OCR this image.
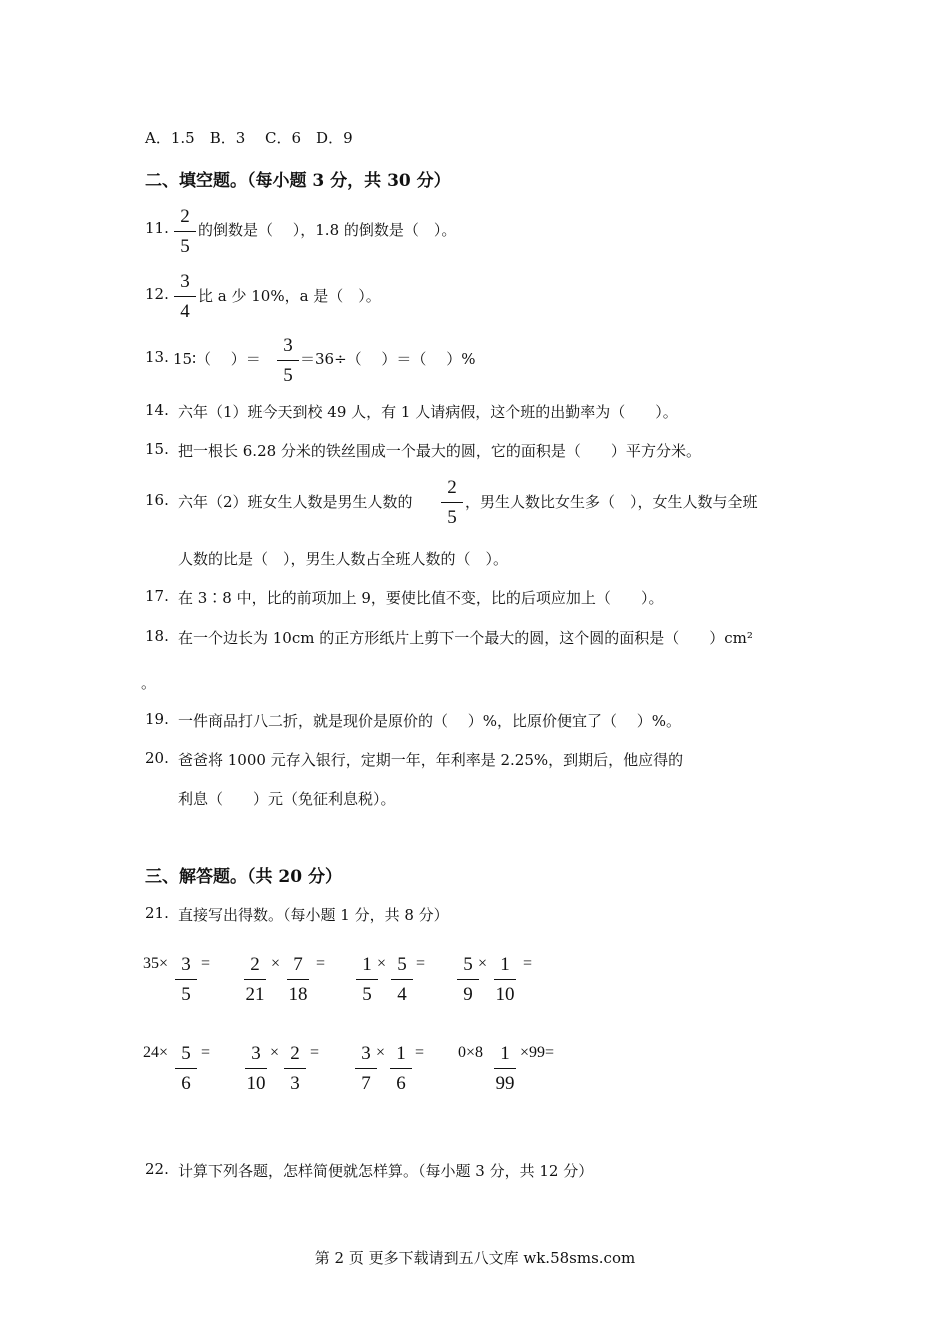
A．1.5　B．3　 C．6　D．9
二、填空题。（每小题 3 分，共 30 分）
11.
2
5
的倒数是（　 ），1.8 的倒数是（　）。
12.
3
4
比 a 少 10%，a 是（　）。
13. 15∶（　 ）＝
3
5
＝36÷（　 ）＝（　 ）%
14. 六年（1）班今天到校 49 人，有 1 人请病假，这个班的出勤率为（　　）。
15. 把一根长 6.28 分米的铁丝围成一个最大的圆，它的面积是（　　）平方分米。
16. 六年（2）班女生人数是男生人数的
2
5
，男生人数比女生多（　），女生人数与全班
人数的比是（　），男生人数占全班人数的（　）。
17. 在 3∶8 中，比的前项加上 9，要使比值不变，比的后项应加上（　　）。
18. 在一个边长为 10cm 的正方形纸片上剪下一个最大的圆，这个圆的面积是（　　）cm²
。
19. 一件商品打八二折，就是现价是原价的（　 ）%，比原价便宜了（　 ）%。
20. 爸爸将 1000 元存入银行，定期一年，年利率是 2.25%，到期后，他应得的
利息（　　）元（免征利息税）。
三、解答题。（共 20 分）
21. 直接写出得数。（每小题 1 分，共 8 分）
35× 3
5
=	2
21
× 7
18
=	1
5
× 5
4
=	5
9
× 1
10
=
24× 5
6
=	3
10
× 2
3
=	3
7
× 1
6
= 0×8 1
99
×99=
22. 计算下列各题，怎样简便就怎样算。（每小题 3 分，共 12 分）
第 2 页 更多下载请到五八文库 wk.58sms.com
